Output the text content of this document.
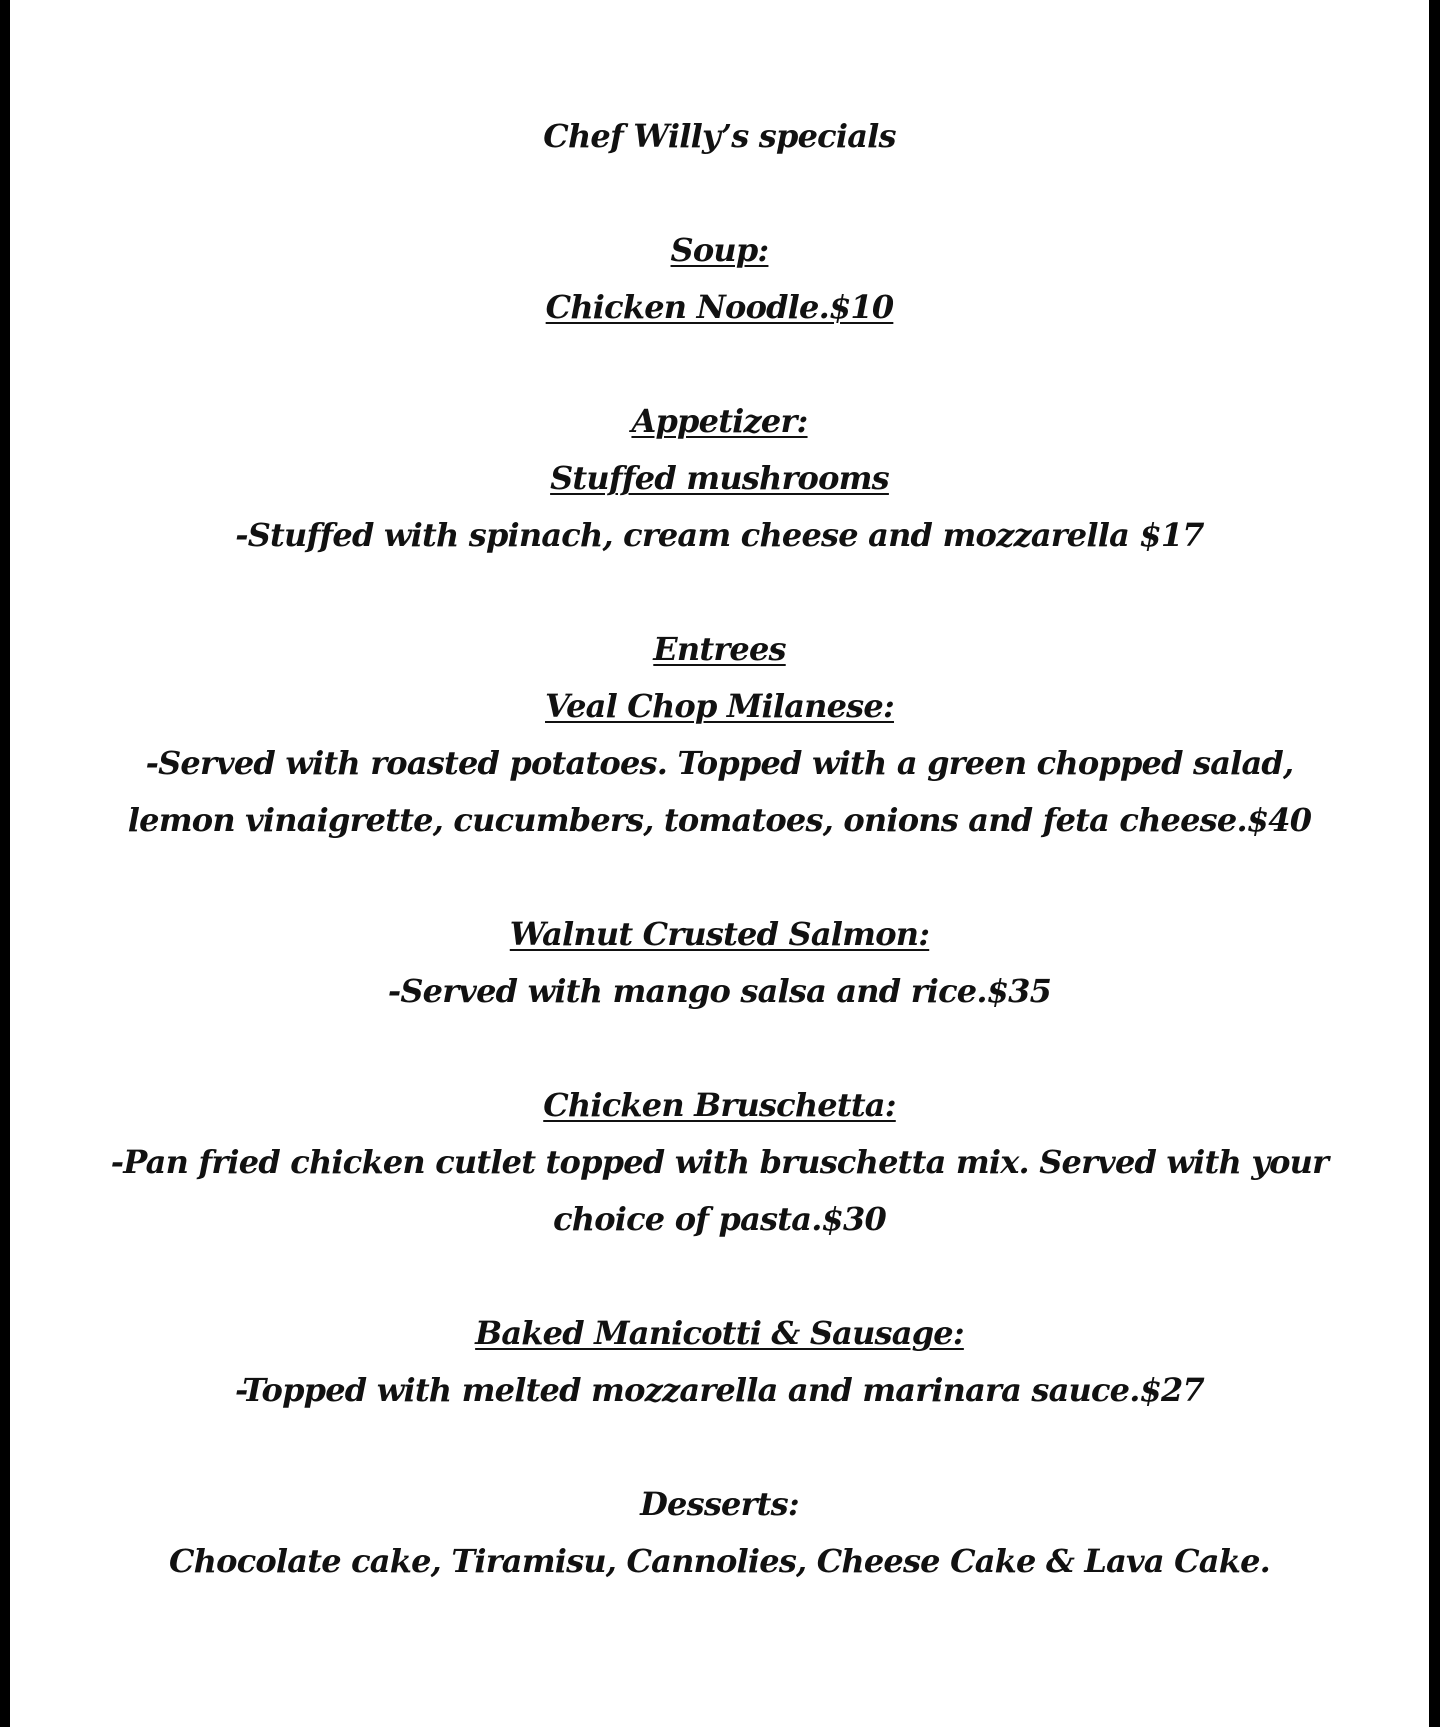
Chef Willy’s specials
Soup:
Chicken Noodle.$10
Appetizer:
Stuffed mushrooms
-Stuffed with spinach, cream cheese and mozzarella $17
Entrees
Veal Chop Milanese:
-Served with roasted potatoes. Topped with a green chopped salad,
lemon vinaigrette, cucumbers, tomatoes, onions and feta cheese.$40
Walnut Crusted Salmon:
-Served with mango salsa and rice.$35
Chicken Bruschetta:
-Pan fried chicken cutlet topped with bruschetta mix. Served with your
choice of pasta.$30
Baked Manicotti & Sausage:
-Topped with melted mozzarella and marinara sauce.$27
Desserts:
Chocolate cake, Tiramisu, Cannolies, Cheese Cake & Lava Cake.
